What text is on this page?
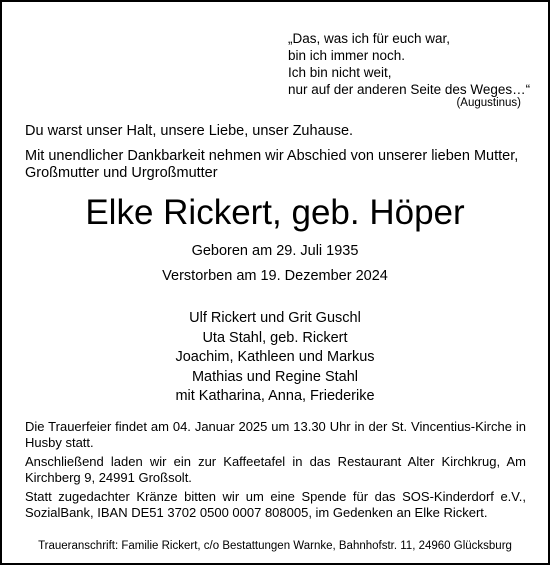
„Das, was ich für euch war,
bin ich immer noch.
Ich bin nicht weit,
nur auf der anderen Seite des Weges…“
(Augustinus)

Du warst unser Halt, unsere Liebe, unser Zuhause.

Mit unendlicher Dankbarkeit nehmen wir Abschied von unserer lieben Mutter, Großmutter und Urgroßmutter

Elke Rickert, geb. Höper
Geboren am 29. Juli 1935
Verstorben am 19. Dezember 2024
Ulf Rickert und Grit Guschl
Uta Stahl, geb. Rickert
Joachim, Kathleen und Markus
Mathias und Regine Stahl
mit Katharina, Anna, Friederike

Die Trauerfeier findet am 04. Januar 2025 um 13.30 Uhr in der St. Vincentius-Kirche in Husby statt.

Anschließend laden wir ein zur Kaffeetafel in das Restaurant Alter Kirchkrug, Am Kirchberg 9, 24991 Großsolt.

Statt zugedachter Kränze bitten wir um eine Spende für das SOS-Kinderdorf e.V., SozialBank, IBAN DE51 3702 0500 0007 808005, im Gedenken an Elke Rickert.

Traueranschrift: Familie Rickert, c/o Bestattungen Warnke, Bahnhofstr. 11, 24960 Glücksburg
